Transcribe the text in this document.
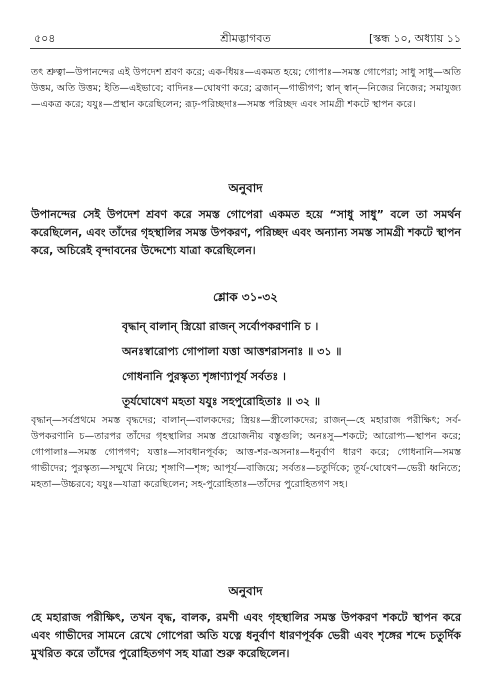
৫০৪	শ্রীমদ্ভাগবত	[স্কন্ধ ১০, অধ্যায় ১১

তৎ শ্রুত্বা—উপানন্দের এই উপদেশ শ্রবণ করে; এক-ধিয়ঃ—একমত হয়ে; গোপাঃ—সমস্ত গোপেরা; সাধু সাধু—অতি উত্তম, অতি উত্তম; ইতি—এইভাবে; বাদিনঃ—ঘোষণা করে; ব্রজান্—গাভীগণ; স্বান্ স্বান্—নিজের নিজের; সমাযুজ্য—একত্র করে; যযুঃ—প্রস্থান করেছিলেন; রূঢ়-পরিচ্ছদাঃ—সমস্ত পরিচ্ছদ এবং সামগ্রী শকটে স্থাপন করে।

অনুবাদ

উপানন্দের সেই উপদেশ শ্রবণ করে সমস্ত গোপেরা একমত হয়ে “সাধু সাধু” বলে তা সমর্থন করেছিলেন, এবং তাঁদের গৃহস্থালির সমস্ত উপকরণ, পরিচ্ছদ এবং অন্যান্য সমস্ত সামগ্রী শকটে স্থাপন করে, অচিরেই বৃন্দাবনের উদ্দেশ্যে যাত্রা করেছিলেন।

শ্লোক ৩১-৩২

বৃদ্ধান্ বালান্ স্ত্রিয়ো রাজন্ সর্বোপকরণানি চ ।
অনঃস্বারোপ্য গোপালা যত্তা আত্তশরাসনাঃ ॥ ৩১ ॥
গোধনানি পুরস্কৃত্য শৃঙ্গাণ্যাপূর্য সর্বতঃ ।
তূর্যঘোষেণ মহতা যযুঃ সহপুরোহিতাঃ ॥ ৩২ ॥

বৃদ্ধান্—সর্বপ্রথমে সমস্ত বৃদ্ধদের; বালান্—বালকদের; স্ত্রিয়ঃ—স্ত্রীলোকদের; রাজন্—হে মহারাজ পরীক্ষিৎ; সর্ব-উপকরণানি চ—তারপর তাঁদের গৃহস্থালির সমস্ত প্রয়োজনীয় বস্তুগুলি; অনঃসু—শকটে; আরোপ্য—স্থাপন করে; গোপালাঃ—সমস্ত গোপগণ; যত্তাঃ—সাবধানপূর্বক; আত্ত-শর-অসনাঃ—ধনুর্বাণ ধারণ করে; গোধনানি—সমস্ত গাভীদের; পুরস্কৃত্য—সম্মুখে নিয়ে; শৃঙ্গাণি—শৃঙ্গ; আপূর্য—বাজিয়ে; সর্বতঃ—চতুর্দিকে; তূর্য-ঘোষেণ—ভেরী ধ্বনিতে; মহতা—উচ্চরবে; যযুঃ—যাত্রা করেছিলেন; সহ-পুরোহিতাঃ—তাঁদের পুরোহিতগণ সহ।

অনুবাদ

হে মহারাজ পরীক্ষিৎ, তখন বৃদ্ধ, বালক, রমণী এবং গৃহস্থালির সমস্ত উপকরণ শকটে স্থাপন করে এবং গাভীদের সামনে রেখে গোপেরা অতি যত্নে ধনুর্বাণ ধারণপূর্বক ভেরী এবং শৃঙ্গের শব্দে চতুর্দিক মুখরিত করে তাঁদের পুরোহিতগণ সহ যাত্রা শুরু করেছিলেন।
